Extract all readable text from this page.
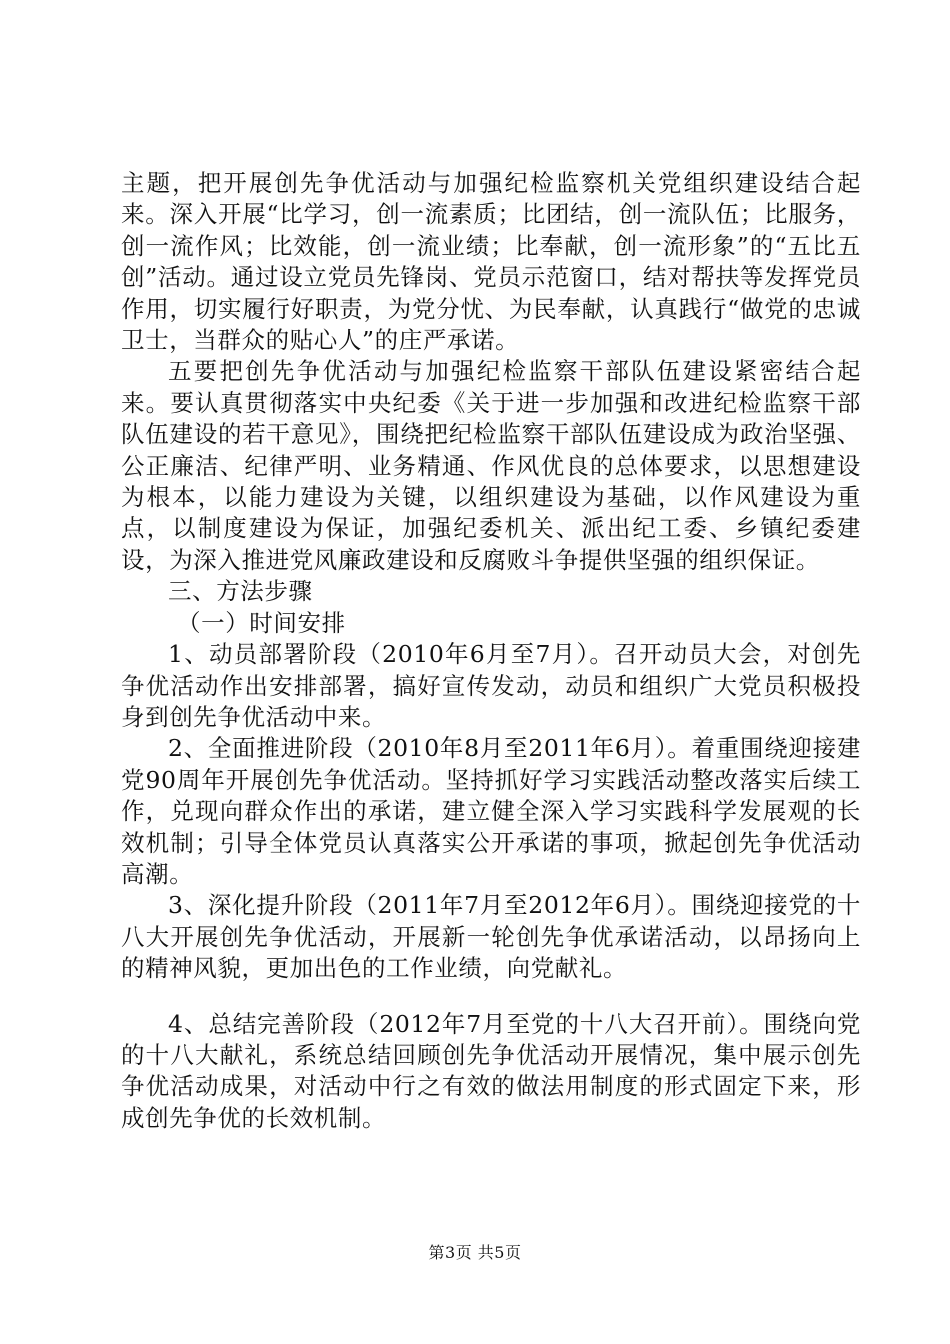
主题，把开展创先争优活动与加强纪检监察机关党组织建设结合起来。深入开展“比学习，创一流素质；比团结，创一流队伍；比服务，创一流作风；比效能，创一流业绩；比奉献，创一流形象”的“五比五创”活动。通过设立党员先锋岗、党员示范窗口，结对帮扶等发挥党员作用，切实履行好职责，为党分忧、为民奉献，认真践行“做党的忠诚卫士，当群众的贴心人”的庄严承诺。

五要把创先争优活动与加强纪检监察干部队伍建设紧密结合起来。要认真贯彻落实中央纪委《关于进一步加强和改进纪检监察干部队伍建设的若干意见》，围绕把纪检监察干部队伍建设成为政治坚强、公正廉洁、纪律严明、业务精通、作风优良的总体要求，以思想建设为根本，以能力建设为关键，以组织建设为基础，以作风建设为重点，以制度建设为保证，加强纪委机关、派出纪工委、乡镇纪委建设，为深入推进党风廉政建设和反腐败斗争提供坚强的组织保证。

三、方法步骤

（一）时间安排

1、动员部署阶段（2010年6月至7月）。召开动员大会，对创先争优活动作出安排部署，搞好宣传发动，动员和组织广大党员积极投身到创先争优活动中来。

2、全面推进阶段（2010年8月至2011年6月）。着重围绕迎接建党90周年开展创先争优活动。坚持抓好学习实践活动整改落实后续工作，兑现向群众作出的承诺，建立健全深入学习实践科学发展观的长效机制；引导全体党员认真落实公开承诺的事项，掀起创先争优活动高潮。

3、深化提升阶段（2011年7月至2012年6月）。围绕迎接党的十八大开展创先争优活动，开展新一轮创先争优承诺活动，以昂扬向上的精神风貌，更加出色的工作业绩，向党献礼。

4、总结完善阶段（2012年7月至党的十八大召开前）。围绕向党的十八大献礼，系统总结回顾创先争优活动开展情况，集中展示创先争优活动成果，对活动中行之有效的做法用制度的形式固定下来，形成创先争优的长效机制。

第3页 共5页
